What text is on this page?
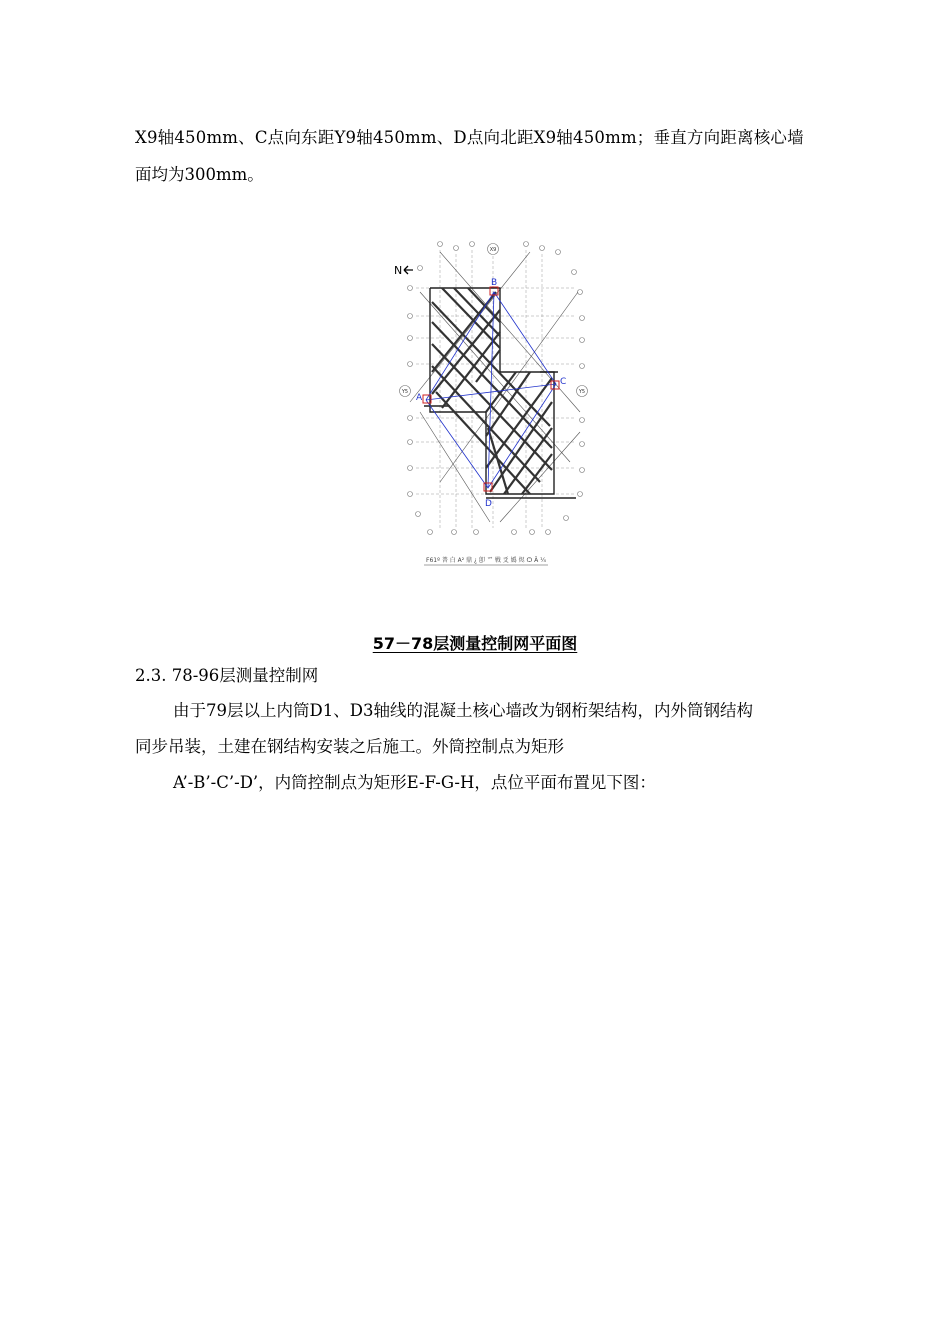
X9轴450mm、C点向东距Y9轴450mm、D点向北距X9轴450mm；垂直方向距离核心墙
面均为300mm。
X9
Y5	Y5
N
A
B
C
D
F61º 普 白 A² 鼎 ¿ 卽 爫 戦 爻 嬀 烬 Ѻ Ȁ ¼
57－78层测量控制网平面图
2.3. 78-96层测量控制网
由于79层以上内筒D1、D3轴线的混凝土核心墙改为钢桁架结构，内外筒钢结构
同步吊装，土建在钢结构安装之后施工。外筒控制点为矩形
A’-B’-C’-D’，内筒控制点为矩形E-F-G-H，点位平面布置见下图：
